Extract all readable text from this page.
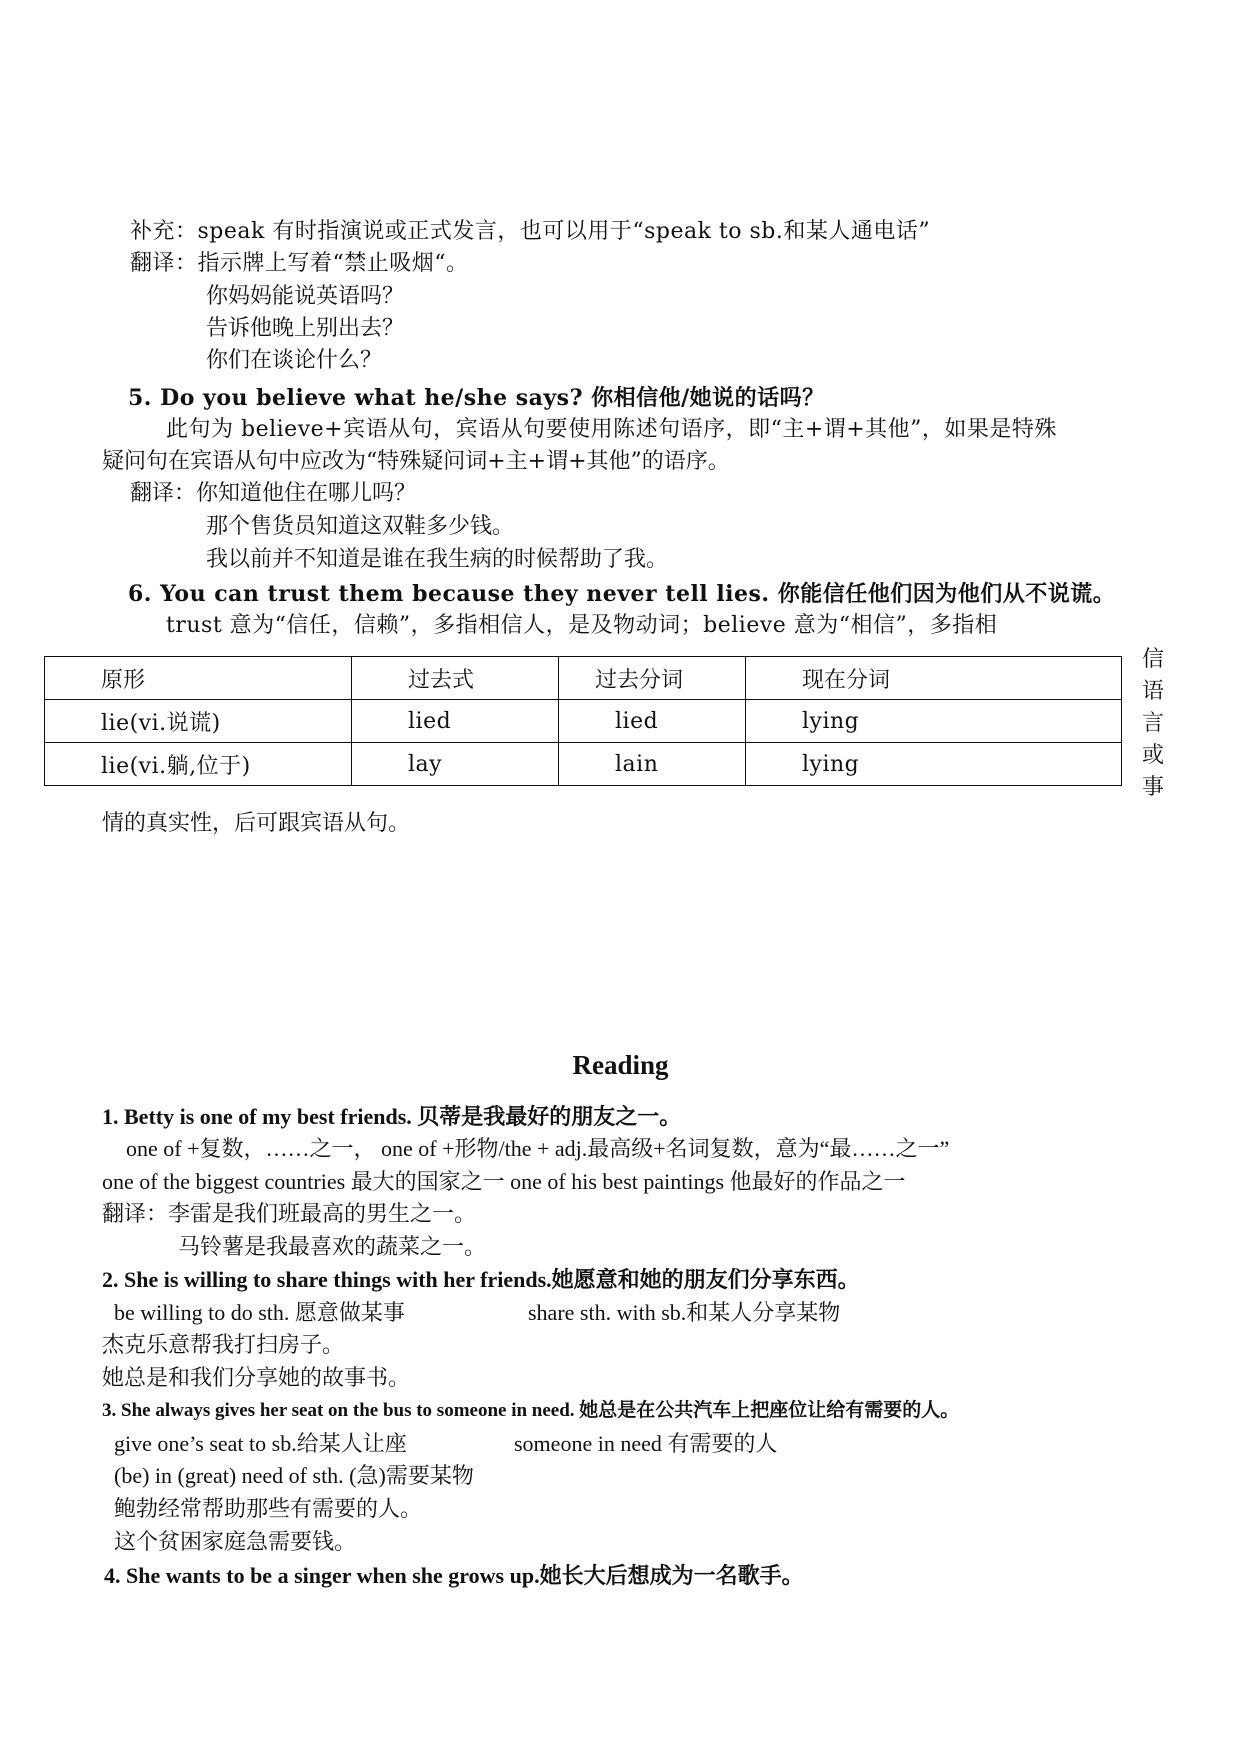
补充：speak 有时指演说或正式发言，也可以用于“speak to sb.和某人通电话”
翻译：指示牌上写着“禁止吸烟“。
你妈妈能说英语吗？
告诉他晚上别出去？
你们在谈论什么？
5. Do you believe what he/she says? 你相信他/她说的话吗？
此句为 believe+宾语从句，宾语从句要使用陈述句语序，即“主+谓+其他”，如果是特殊
疑问句在宾语从句中应改为“特殊疑问词+主+谓+其他”的语序。
翻译：你知道他住在哪儿吗？
那个售货员知道这双鞋多少钱。
我以前并不知道是谁在我生病的时候帮助了我。
6. You can trust them because they never tell lies. 你能信任他们因为他们从不说谎。
trust 意为“信任，信赖”，多指相信人，是及物动词；believe 意为“相信”，多指相
信
语
言
或
事
原形	过去式	过去分词	现在分词
lie(vi.说谎)	lied	lied	lying
lie(vi.躺,位于)	lay	lain	lying
情的真实性，后可跟宾语从句。
Reading
1. Betty is one of my best friends. 贝蒂是我最好的朋友之一。
one of +复数，……之一， one of +形物/the + adj.最高级+名词复数，意为“最……之一”
one of the biggest countries 最大的国家之一 one of his best paintings 他最好的作品之一
翻译：李雷是我们班最高的男生之一。
马铃薯是我最喜欢的蔬菜之一。
2. She is willing to share things with her friends.她愿意和她的朋友们分享东西。
be willing to do sth. 愿意做某事	share sth. with sb.和某人分享某物
杰克乐意帮我打扫房子。
她总是和我们分享她的故事书。
3. She always gives her seat on the bus to someone in need. 她总是在公共汽车上把座位让给有需要的人。
give one’s seat to sb.给某人让座	someone in need 有需要的人
(be) in (great) need of sth. (急)需要某物
鲍勃经常帮助那些有需要的人。
这个贫困家庭急需要钱。
4. She wants to be a singer when she grows up.她长大后想成为一名歌手。
